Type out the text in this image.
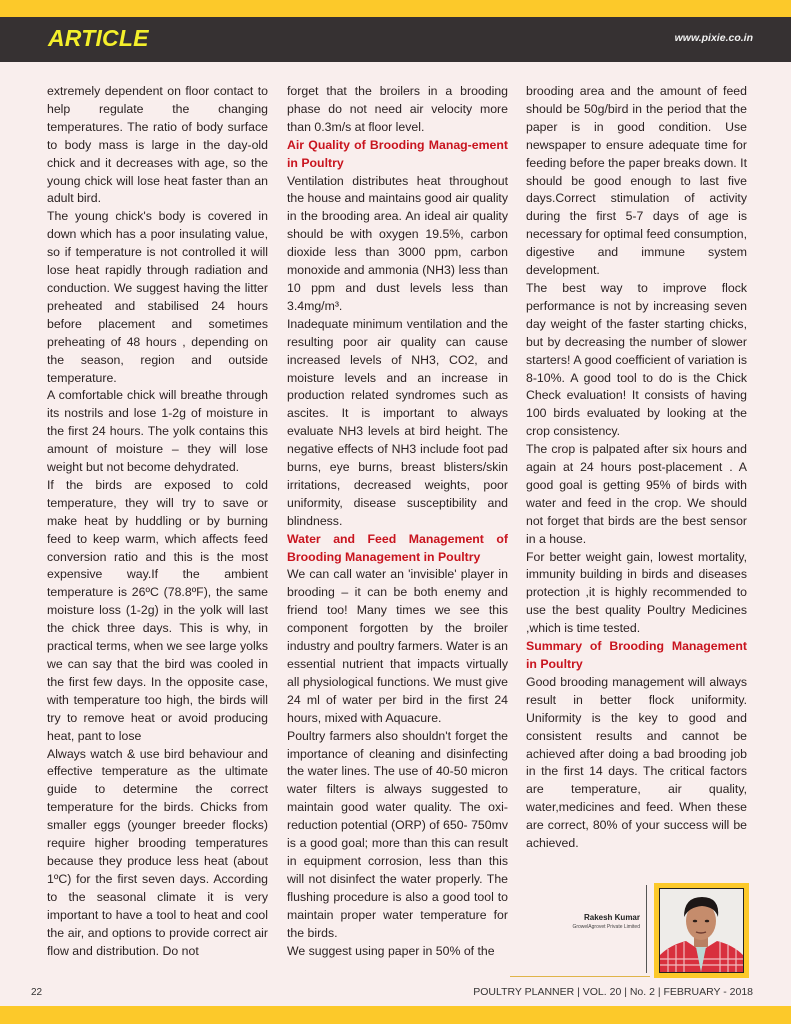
ARTICLE	www.pixie.co.in

extremely dependent on floor contact to help regulate the changing temperatures. The ratio of body surface to body mass is large in the day-old chick and it decreases with age, so the young chick will lose heat faster than an adult bird.

The young chick's body is covered in down which has a poor insulating value, so if temperature is not controlled it will lose heat rapidly through radiation and conduction. We suggest having the litter preheated and stabilised 24 hours before placement and sometimes preheating of 48 hours , depending on the season, region and outside temperature.

A comfortable chick will breathe through its nostrils and lose 1-2g of moisture in the first 24 hours. The yolk contains this amount of moisture – they will lose weight but not become dehydrated.

If the birds are exposed to cold temperature, they will try to save or make heat by huddling or by burning feed to keep warm, which affects feed conversion ratio and this is the most expensive way.If the ambient temperature is 26ºC (78.8ºF), the same moisture loss (1-2g) in the yolk will last the chick three days. This is why, in practical terms, when we see large yolks we can say that the bird was cooled in the first few days. In the opposite case, with temperature too high, the birds will try to remove heat or avoid producing heat, pant to lose

Always watch & use bird behaviour and effective temperature as the ultimate guide to determine the correct temperature for the birds. Chicks from smaller eggs (younger breeder flocks) require higher brooding temperatures because they produce less heat (about 1ºC) for the first seven days. According to the seasonal climate it is very important to have a tool to heat and cool the air, and options to provide correct air flow and distribution. Do not

forget that the broilers in a brooding phase do not need air velocity more than 0.3m/s at floor level.

Air Quality of Brooding Manag-ement in Poultry

Ventilation distributes heat throughout the house and maintains good air quality in the brooding area. An ideal air quality should be with oxygen 19.5%, carbon dioxide less than 3000 ppm, carbon monoxide and ammonia (NH3) less than 10 ppm and dust levels less than 3.4mg/m³.

Inadequate minimum ventilation and the resulting poor air quality can cause increased levels of NH3, CO2, and moisture levels and an increase in production related syndromes such as ascites. It is important to always evaluate NH3 levels at bird height. The negative effects of NH3 include foot pad burns, eye burns, breast blisters/skin irritations, decreased weights, poor uniformity, disease susceptibility and blindness.

Water and Feed Management of Brooding Management in Poultry

We can call water an 'invisible' player in brooding – it can be both enemy and friend too! Many times we see this component forgotten by the broiler industry and poultry farmers. Water is an essential nutrient that impacts virtually all physiological functions. We must give 24 ml of water per bird in the first 24 hours, mixed with Aquacure.

Poultry farmers also shouldn't forget the importance of cleaning and disinfecting the water lines. The use of 40-50 micron water filters is always suggested to maintain good water quality. The oxi-reduction potential (ORP) of 650- 750mv is a good goal; more than this can result in equipment corrosion, less than this will not disinfect the water properly. The flushing procedure is also a good tool to maintain proper water temperature for the birds.

We suggest using paper in 50% of the

brooding area and the amount of feed should be 50g/bird in the period that the paper is in good condition. Use newspaper to ensure adequate time for feeding before the paper breaks down. It should be good enough to last five days.Correct stimulation of activity during the first 5-7 days of age is necessary for optimal feed consumption, digestive and immune system development.

The best way to improve flock performance is not by increasing seven day weight of the faster starting chicks, but by decreasing the number of slower starters! A good coefficient of variation is 8-10%. A good tool to do is the Chick Check evaluation! It consists of having 100 birds evaluated by looking at the crop consistency.

The crop is palpated after six hours and again at 24 hours post-placement . A good goal is getting 95% of birds with water and feed in the crop. We should not forget that birds are the best sensor in a house.

For better weight gain, lowest mortality, immunity building in birds and diseases protection ,it is highly recommended to use the best quality Poultry Medicines ,which is time tested.

Summary of Brooding Management in Poultry

Good brooding management will always result in better flock uniformity. Uniformity is the key to good and consistent results and cannot be achieved after doing a bad brooding job in the first 14 days. The critical factors are temperature, air quality, water,medicines and feed. When these are correct, 80% of your success will be achieved.

Rakesh Kumar
GrowelAgrovet Private Limited
22	POULTRY PLANNER | VOL. 20 | No. 2 | FEBRUARY - 2018
